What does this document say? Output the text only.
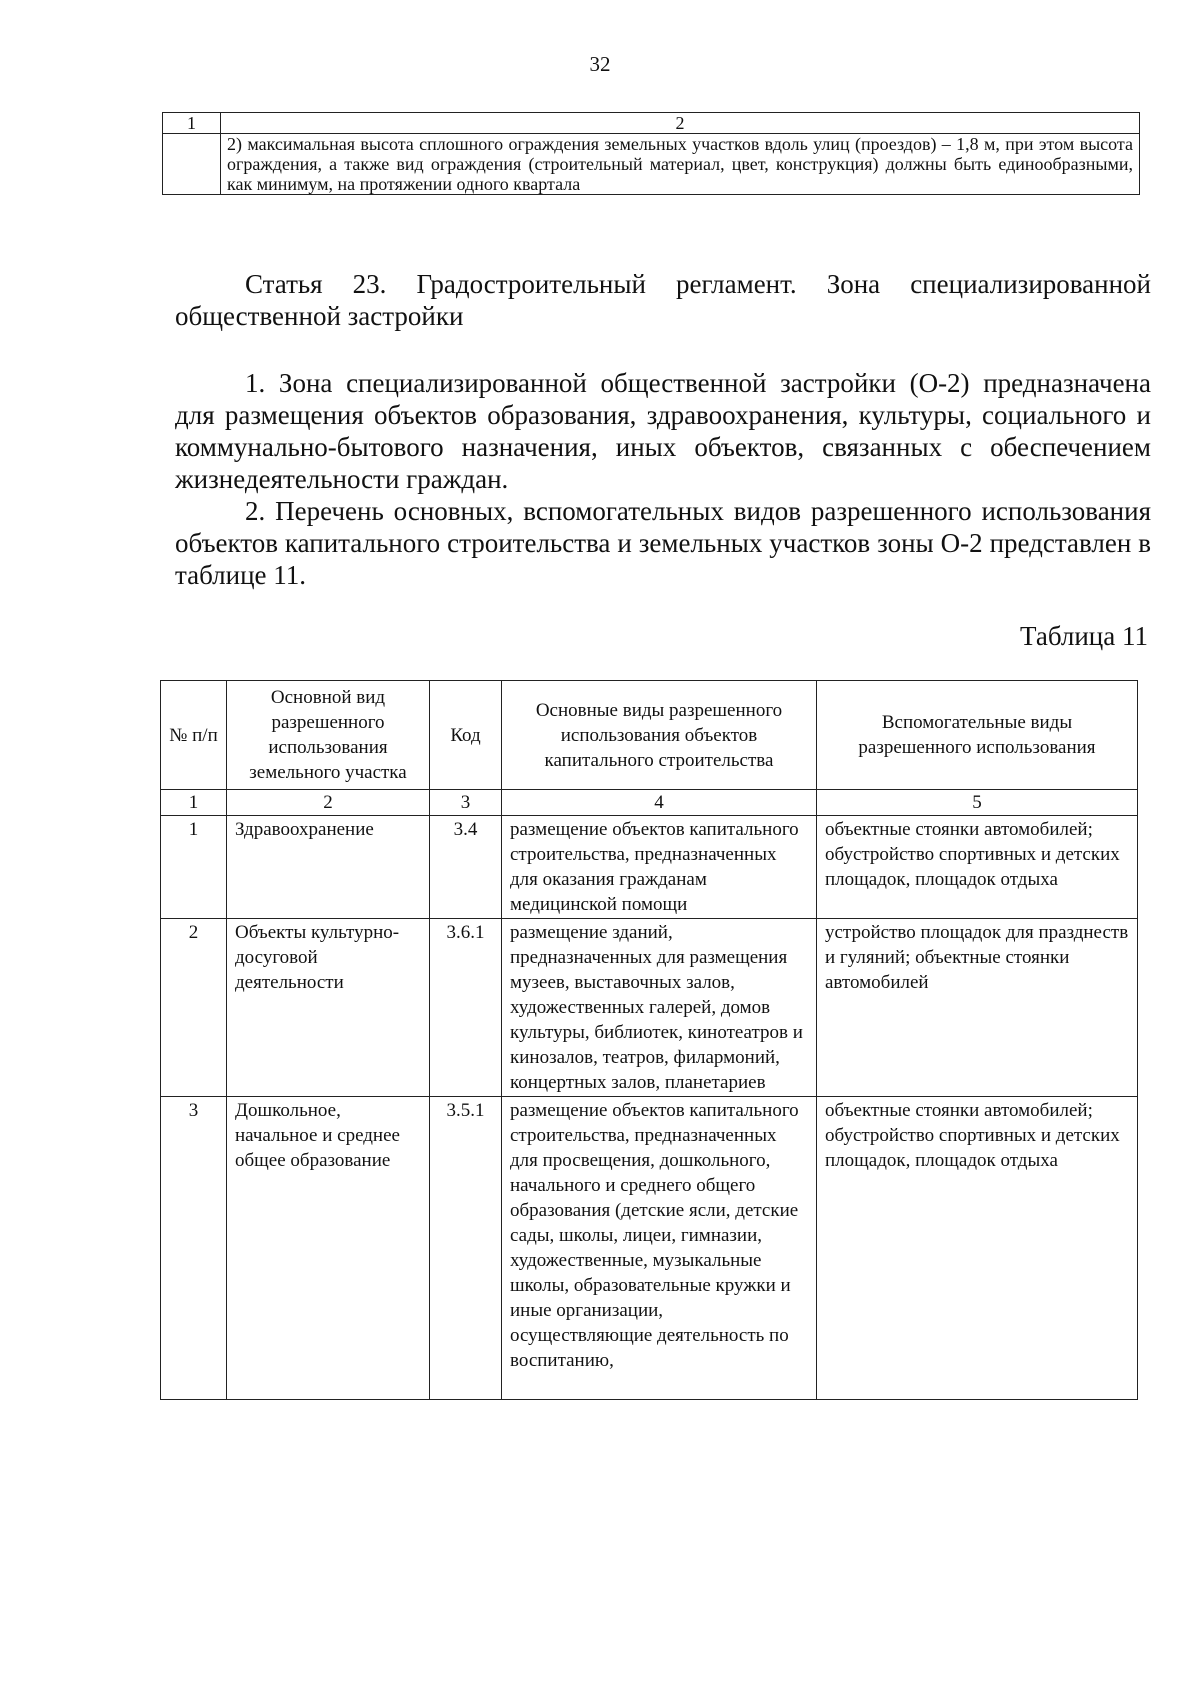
32
1	2
	2) максимальная высота сплошного ограждения земельных участков вдоль улиц (проездов) – 1,8 м, при этом высота ограждения, а также вид ограждения (строительный материал, цвет, конструкция) должны быть единообразными, как минимум, на протяжении одного квартала
Статья 23. Градостроительный регламент. Зона специализированной общественной застройки
1. Зона специализированной общественной застройки (О-2) предназначена для размещения объектов образования, здравоохранения, культуры, социального и коммунально-бытового назначения, иных объектов, связанных с обеспечением жизнедеятельности граждан.
2. Перечень основных, вспомогательных видов разрешенного использования объектов капитального строительства и земельных участков зоны О-2 представлен в таблице 11.
Таблица 11
№ п/п	Основной вид разрешенного использования земельного участка	Код	Основные виды разрешенного использования объектов капитального строительства	Вспомогательные виды разрешенного использования
1	2	3	4	5
1	Здравоохранение	3.4	размещение объектов капитального строительства, предназначенных для оказания гражданам медицинской помощи	объектные стоянки автомобилей; обустройство спортивных и детских площадок, площадок отдыха
2	Объекты культурно-досуговой деятельности	3.6.1	размещение зданий, предназначенных для размещения музеев, выставочных залов, художественных галерей, домов культуры, библиотек, кинотеатров и кинозалов, театров, филармоний, концертных залов, планетариев	устройство площадок для празднеств и гуляний; объектные стоянки автомобилей
3	Дошкольное, начальное и среднее общее образование	3.5.1	размещение объектов капитального строительства, предназначенных для просвещения, дошкольного, начального и среднего общего образования (детские ясли, детские сады, школы, лицеи, гимназии, художественные, музыкальные школы, образовательные кружки и иные организации, осуществляющие деятельность по воспитанию,	объектные стоянки автомобилей; обустройство спортивных и детских площадок, площадок отдыха
